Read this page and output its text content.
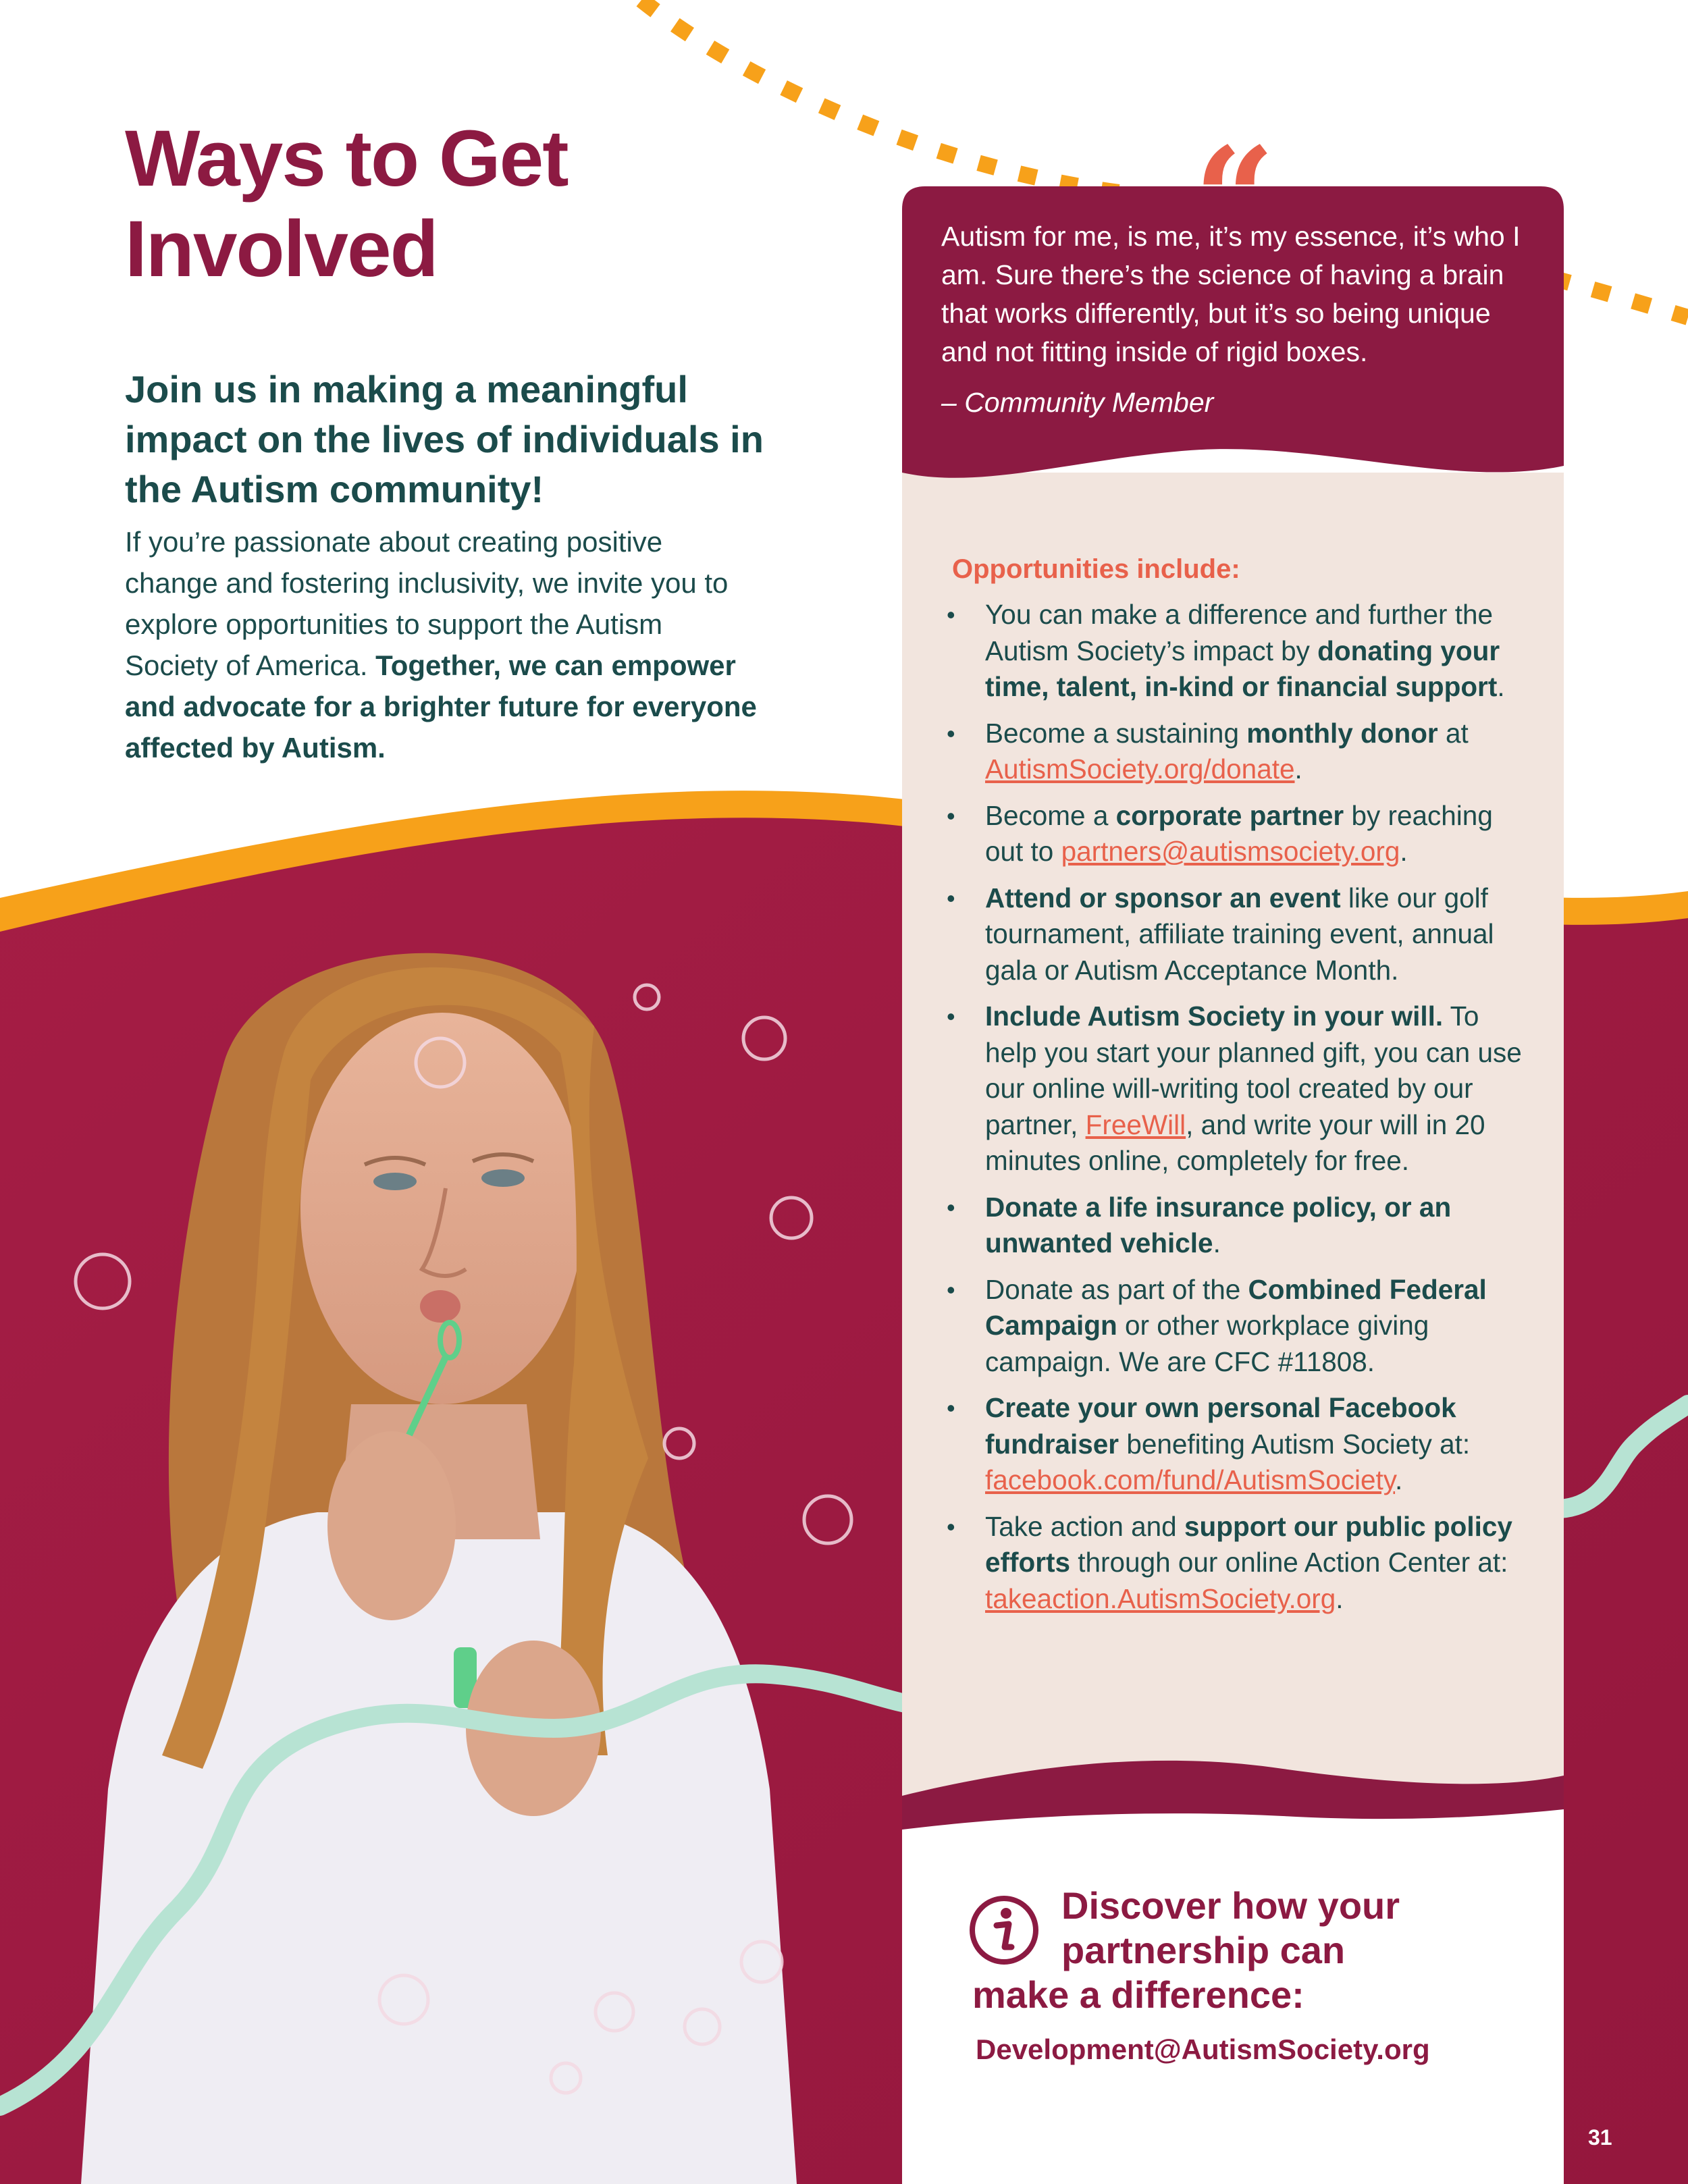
Ways to Get Involved
Join us in making a meaningful impact on the lives of individuals in the Autism community!

If you’re passionate about creating positive change and fostering inclusivity, we invite you to explore opportunities to support the Autism Society of America. Together, we can empower and advocate for a brighter future for everyone affected by Autism.

“

Autism for me, is me, it’s my essence, it’s who I am. Sure there’s the science of having a brain that works differently, but it’s so being unique and not fitting inside of rigid boxes.

– Community Member

Opportunities include:
• You can make a difference and further the Autism Society’s impact by donating your time, talent, in-kind or financial support.
• Become a sustaining monthly donor at AutismSociety.org/donate.
• Become a corporate partner by reaching out to partners@autismsociety.org.
• Attend or sponsor an event like our golf tournament, affiliate training event, annual gala or Autism Acceptance Month.
• Include Autism Society in your will. To help you start your planned gift, you can use our online will-writing tool created by our partner, FreeWill, and write your will in 20 minutes online, completely for free.
• Donate a life insurance policy, or an unwanted vehicle.
• Donate as part of the Combined Federal Campaign or other workplace giving campaign. We are CFC #11808.
• Create your own personal Facebook fundraiser benefiting Autism Society at: facebook.com/fund/AutismSociety.
• Take action and support our public policy efforts through our online Action Center at: takeaction.AutismSociety.org.
Discover how your
partnership can
make a difference:
Development@AutismSociety.org
31
